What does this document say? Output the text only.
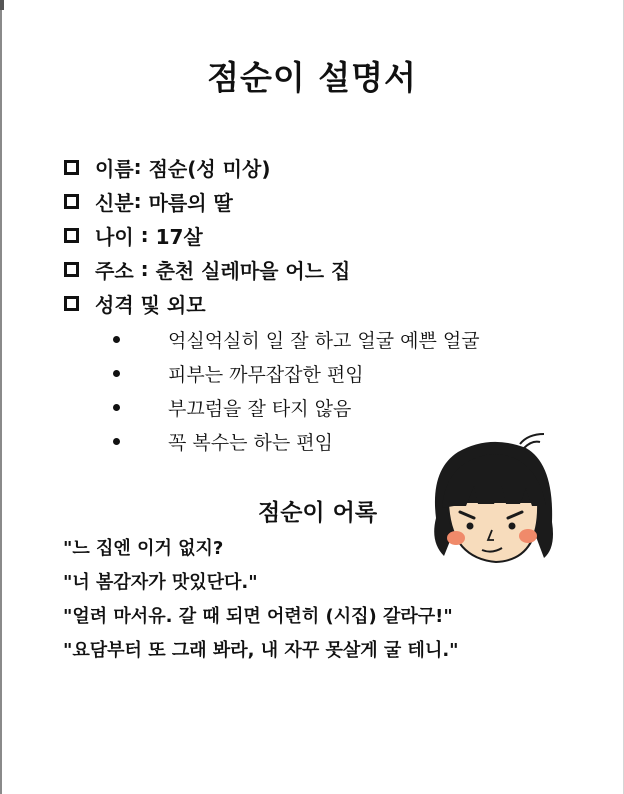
점순이 설명서
이름 : 점순(성 미상)
신분 : 마름의 딸
나이 : 17살
주소 : 춘천 실레마을 어느 집
성격 및 외모
억실억실히 일 잘 하고 얼굴 예쁜 얼굴
피부는 까무잡잡한 편임
부끄럼을 잘 타지 않음
꼭 복수는 하는 편임
점순이 어록
"느 집엔 이거 없지?
"너 봄감자가 맛있단다."
"얼려 마서유. 갈 때 되면 어련히 (시집) 갈라구!"
"요담부터 또 그래 봐라, 내 자꾸 못살게 굴 테니."
